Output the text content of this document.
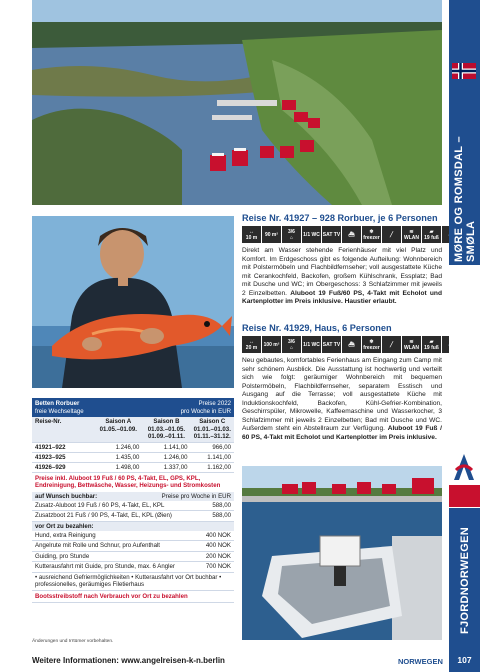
Reise Nr. 41927 – 928 Rorbuer, je 6 Personen
↔
10 m 90 m² 3/6
⌂ 1/1 WC SAT TV ⛴	❄
freezer ╱	≋
WLAN
▰
19 fuß
Direkt am Wasser stehende Ferienhäuser mit viel Platz und Komfort. Im Erdgeschoss gibt es folgende Aufteilung: Wohnbereich mit Polstermöbeln und Flachbildfernseher; voll ausgestattete Küche mit Cerankochfeld, Backofen, großem Kühlschrank, Essplatz; Bad mit Dusche und WC; im Obergeschoss: 3 Schlafzimmer mit jeweils 2 Einzelbetten. Aluboot 19 Fuß/60 PS, 4-Takt mit Echolot und Kartenplotter im Preis inklusive. Haustier erlaubt.
Reise Nr. 41929, Haus, 6 Personen
↔
20 m 100 m² 3/6
⌂ 1/1 WC SAT TV ⛴	❄
freezer ╱	≋
WLAN
▰
19 fuß
Neu gebautes, komfortables Ferienhaus am Eingang zum Camp mit sehr schönem Ausblick. Die Ausstattung ist hochwertig und verteilt sich wie folgt: geräumiger Wohnbereich mit bequemen Polstermöbeln, Flachbildfernseher, separatem Esstisch und Ausgang auf die Terrasse; voll ausgestattete Küche mit Induktionskochfeld, Backofen, Kühl-Gefrier-Kombination, Geschirrspüler, Mikrowelle, Kaffeemaschine und Wasserkocher, 3 Schlafzimmer mit jeweils 2 Einzelbetten; Bad mit Dusche und WC. Außerdem steht ein Abstellraum zur Verfügung. Aluboot 19 Fuß / 60 PS, 4-Takt mit Echolot und Kartenplotter im Preis inklusive.
Betten Rorbuer
freie Wechseltage
Preise 2022
pro Woche in EUR
Reise-Nr.	Saison A
01.05.–01.09.
Saison B
01.03.–01.05.
01.09.–01.11.
Saison C
01.01.–01.03.
01.11.–31.12.
41921–922	1.246,00	1.141,00	966,00
41923–925	1.435,00	1.246,00	1.141,00
41926–929	1.498,00	1.337,00	1.162,00
Preise inkl. Aluboot 19 Fuß / 60 PS, 4-Takt, EL, GPS, KPL, Endreinigung, Bettwäsche, Wasser, Heizungs- und Stromkosten
auf Wunsch buchbar:	Preise pro Woche in EUR
Zusatz-Aluboot 19 Fuß / 60 PS, 4-Takt, EL, KPL	588,00
Zusatzboot 21 Fuß / 90 PS, 4-Takt, EL, KPL (Øien)	588,00
vor Ort zu bezahlen:
Hund, extra Reinigung	400 NOK
Angelrute mit Rolle und Schnur, pro Aufenthalt	400 NOK
Guiding, pro Stunde	200 NOK
Kutterausfahrt mit Guide, pro Stunde, max. 6 Angler	700 NOK
• ausreichend Gefriermöglichkeiten • Kutterausfahrt vor Ort buchbar • professionelles, geräumiges Filetierhaus
Bootsstreibstoff nach Verbrauch vor Ort zu bezahlen
MØRE OG ROMSDAL – SMØLA
FJORDNORWEGEN
107
Änderungen und Irrtümer vorbehalten.
Weitere Informationen: www.angelreisen-k-n.berlin	NORWEGEN
